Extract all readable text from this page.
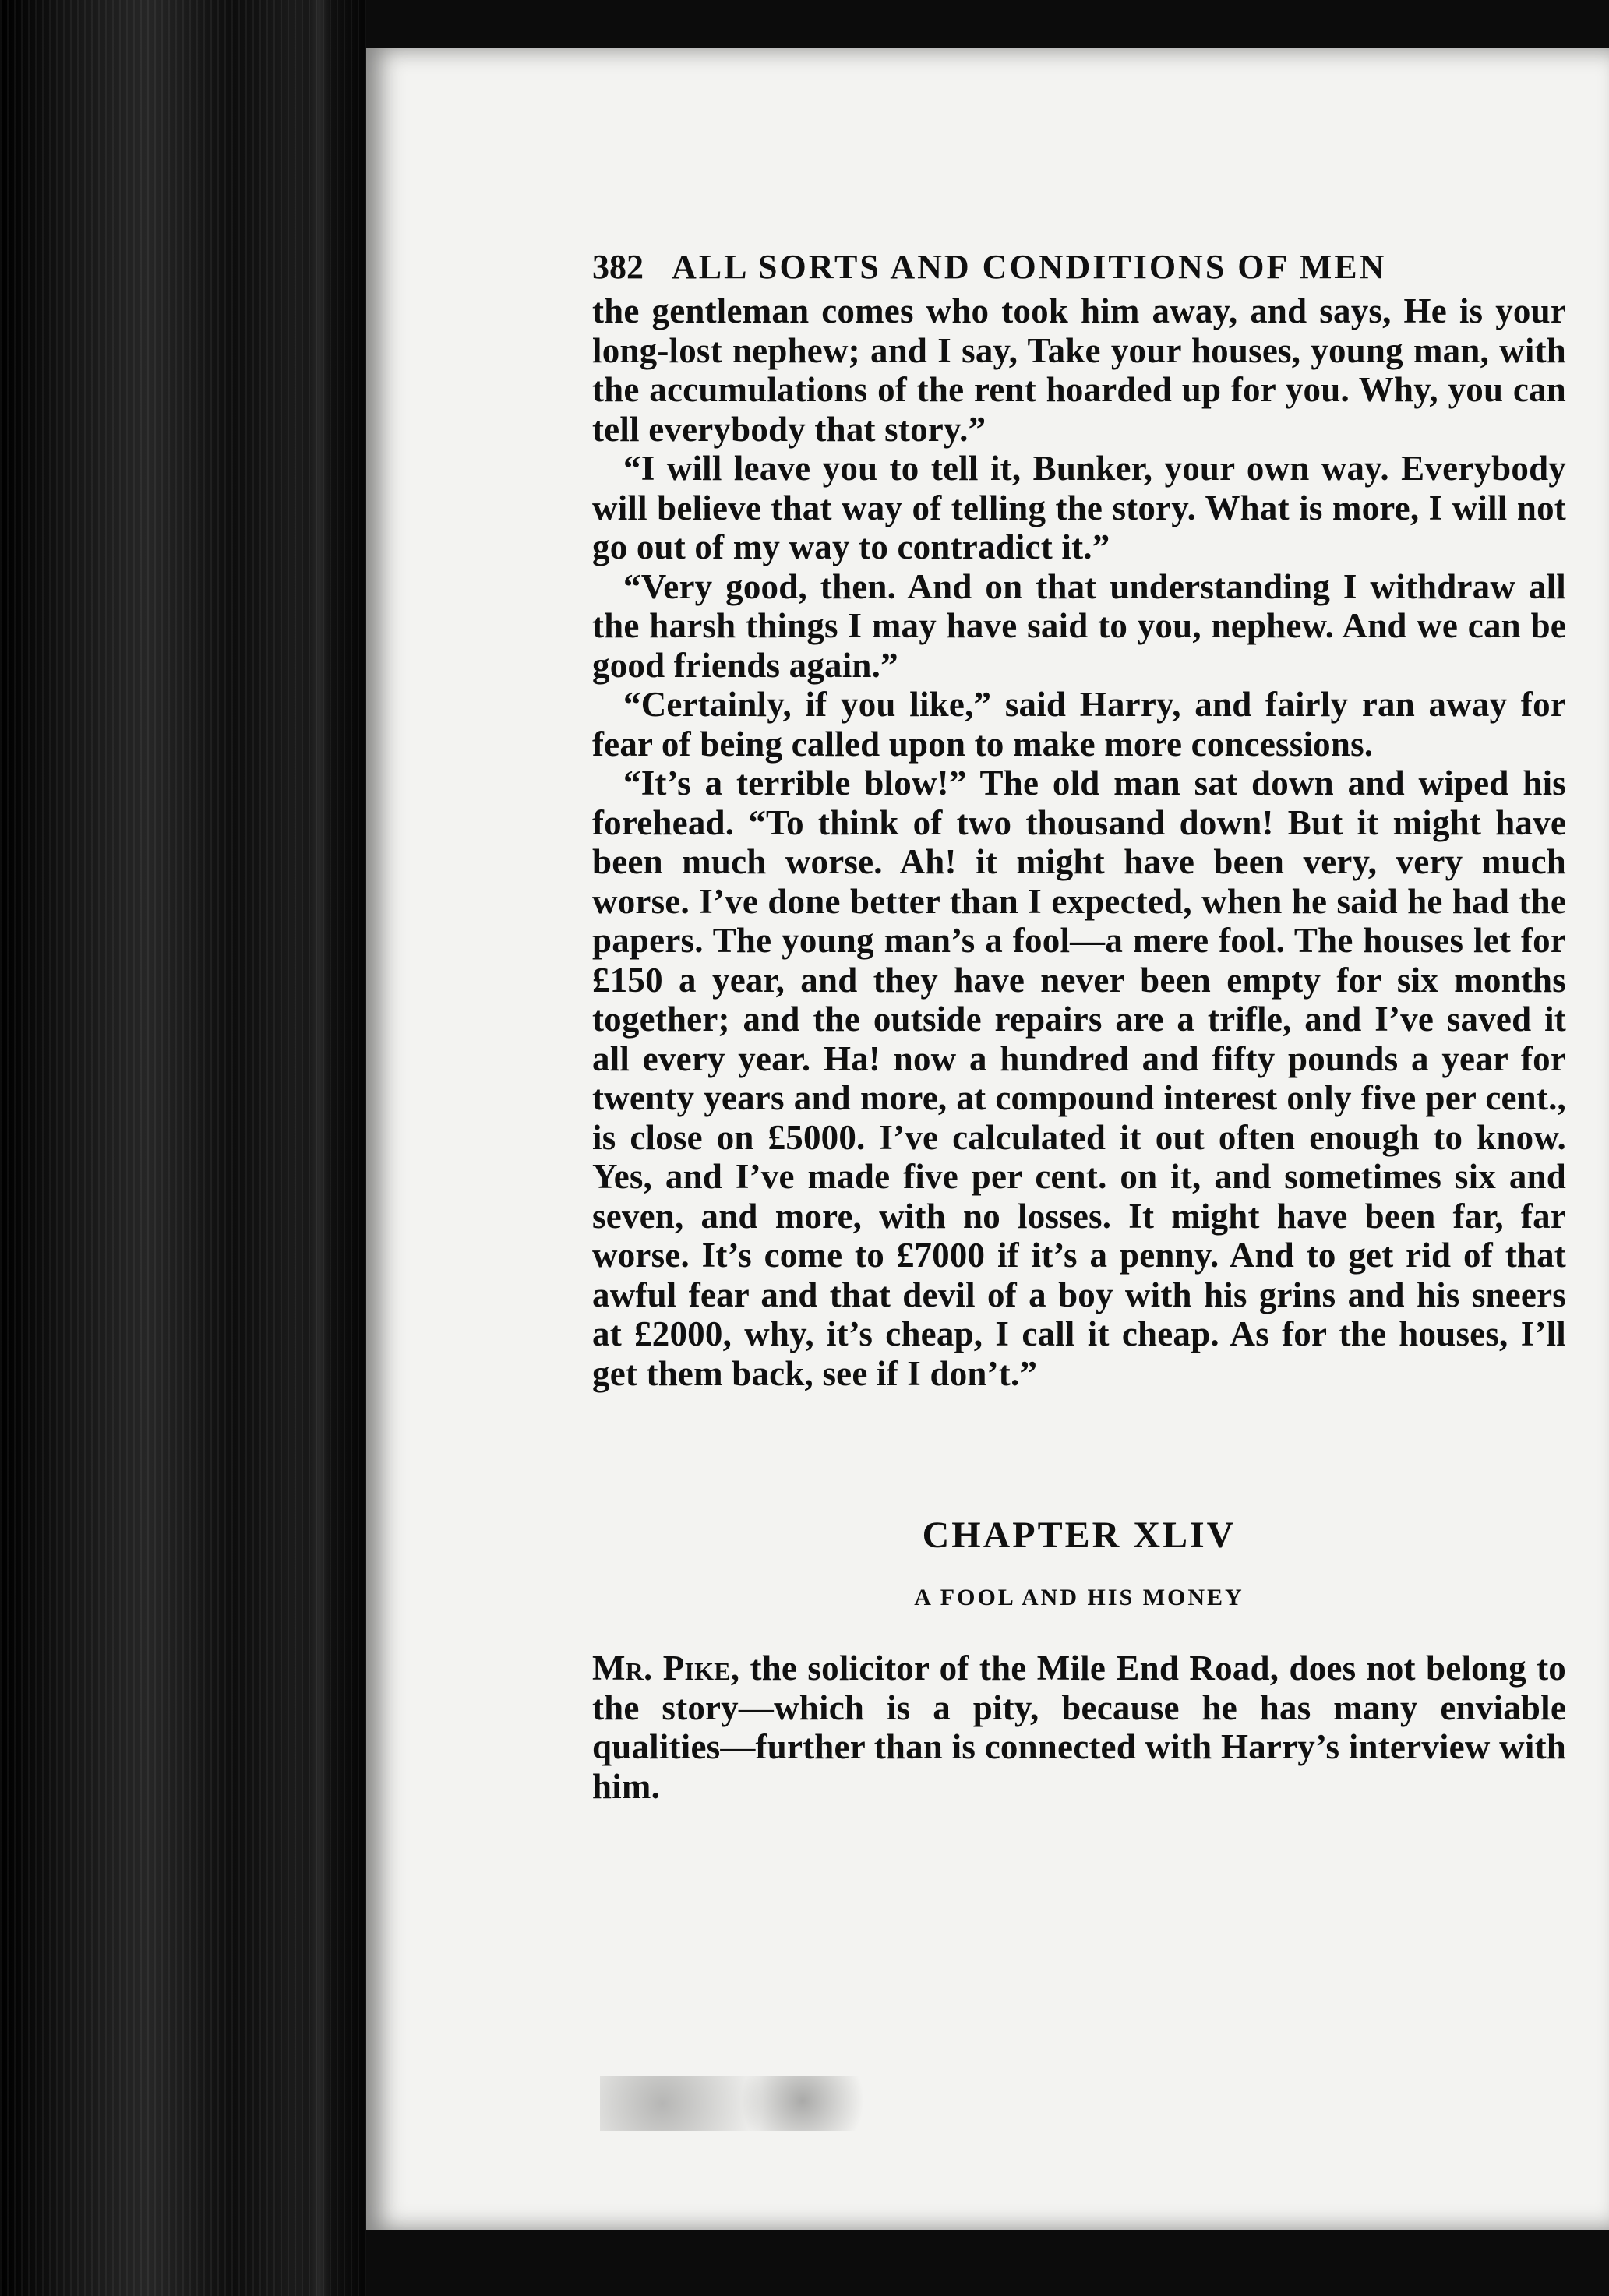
382 ALL SORTS AND CONDITIONS OF MEN

the gentleman comes who took him away, and says, He is your long-lost nephew; and I say, Take your houses, young man, with the accumulations of the rent hoarded up for you. Why, you can tell everybody that story.”

“I will leave you to tell it, Bunker, your own way. Everybody will believe that way of telling the story. What is more, I will not go out of my way to contradict it.”

“Very good, then. And on that understanding I withdraw all the harsh things I may have said to you, nephew. And we can be good friends again.”

“Certainly, if you like,” said Harry, and fairly ran away for fear of being called upon to make more concessions.

“It’s a terrible blow!” The old man sat down and wiped his forehead. “To think of two thousand down! But it might have been much worse. Ah! it might have been very, very much worse. I’ve done better than I expected, when he said he had the papers. The young man’s a fool—a mere fool. The houses let for £150 a year, and they have never been empty for six months together; and the outside repairs are a trifle, and I’ve saved it all every year. Ha! now a hundred and fifty pounds a year for twenty years and more, at compound interest only five per cent., is close on £5000. I’ve calculated it out often enough to know. Yes, and I’ve made five per cent. on it, and sometimes six and seven, and more, with no losses. It might have been far, far worse. It’s come to £7000 if it’s a penny. And to get rid of that awful fear and that devil of a boy with his grins and his sneers at £2000, why, it’s cheap, I call it cheap. As for the houses, I’ll get them back, see if I don’t.”

CHAPTER XLIV

A FOOL AND HIS MONEY

Mr. Pike, the solicitor of the Mile End Road, does not belong to the story—which is a pity, because he has many enviable qualities—further than is connected with Harry’s interview with him.
